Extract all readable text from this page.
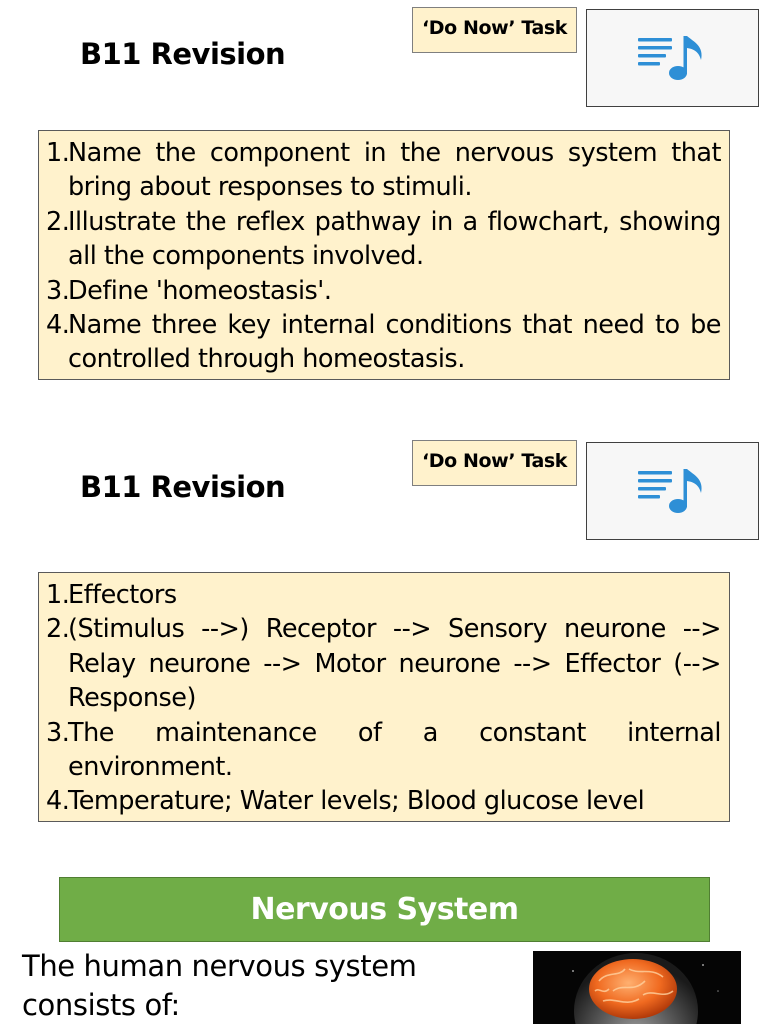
B11 Revision
‘Do Now’ Task
1.
Name the component in the nervous system that bring about responses to stimuli.
2.
Illustrate the reflex pathway in a flowchart, showing all the components involved.
3.
Define 'homeostasis'.
4.
Name three key internal conditions that need to be controlled through homeostasis.
B11 Revision
‘Do Now’ Task
1.
Effectors
2.
(Stimulus -->) Receptor --> Sensory neurone --> Relay neurone --> Motor neurone --> Effector (--> Response)
3.
The maintenance of a constant internal environment.
4.
Temperature; Water levels; Blood glucose level
Nervous System
The human nervous system consists of:
